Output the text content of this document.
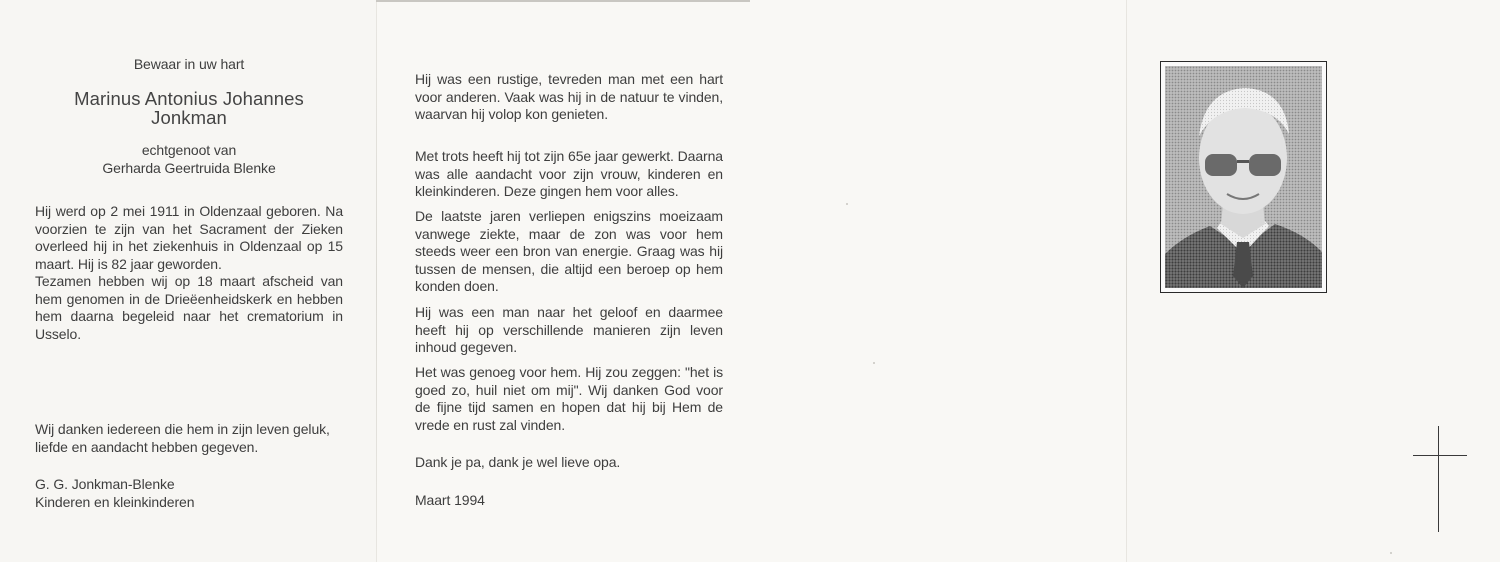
Bewaar in uw hart
Marinus Antonius Johannes
Jonkman
echtgenoot van
Gerharda Geertruida Blenke

Hij werd op 2 mei 1911 in Oldenzaal geboren. Na voorzien te zijn van het Sacrament der Zieken overleed hij in het ziekenhuis in Oldenzaal op 15 maart. Hij is 82 jaar geworden.

Tezamen hebben wij op 18 maart afscheid van hem genomen in de Drieëenheidskerk en hebben hem daarna begeleid naar het crematorium in Usselo.

Wij danken iedereen die hem in zijn leven geluk, liefde en aandacht hebben gegeven.
G. G. Jonkman-Blenke
Kinderen en kleinkinderen

Hij was een rustige, tevreden man met een hart voor anderen. Vaak was hij in de natuur te vinden, waarvan hij volop kon genieten.

Met trots heeft hij tot zijn 65e jaar gewerkt. Daarna was alle aandacht voor zijn vrouw, kinderen en kleinkinderen. Deze gingen hem voor alles.

De laatste jaren verliepen enigszins moeizaam vanwege ziekte, maar de zon was voor hem steeds weer een bron van energie. Graag was hij tussen de mensen, die altijd een beroep op hem konden doen.

Hij was een man naar het geloof en daarmee heeft hij op verschillende manieren zijn leven inhoud gegeven.

Het was genoeg voor hem. Hij zou zeggen: "het is goed zo, huil niet om mij". Wij danken God voor de fijne tijd samen en hopen dat hij bij Hem de vrede en rust zal vinden.

Dank je pa, dank je wel lieve opa.

Maart 1994
